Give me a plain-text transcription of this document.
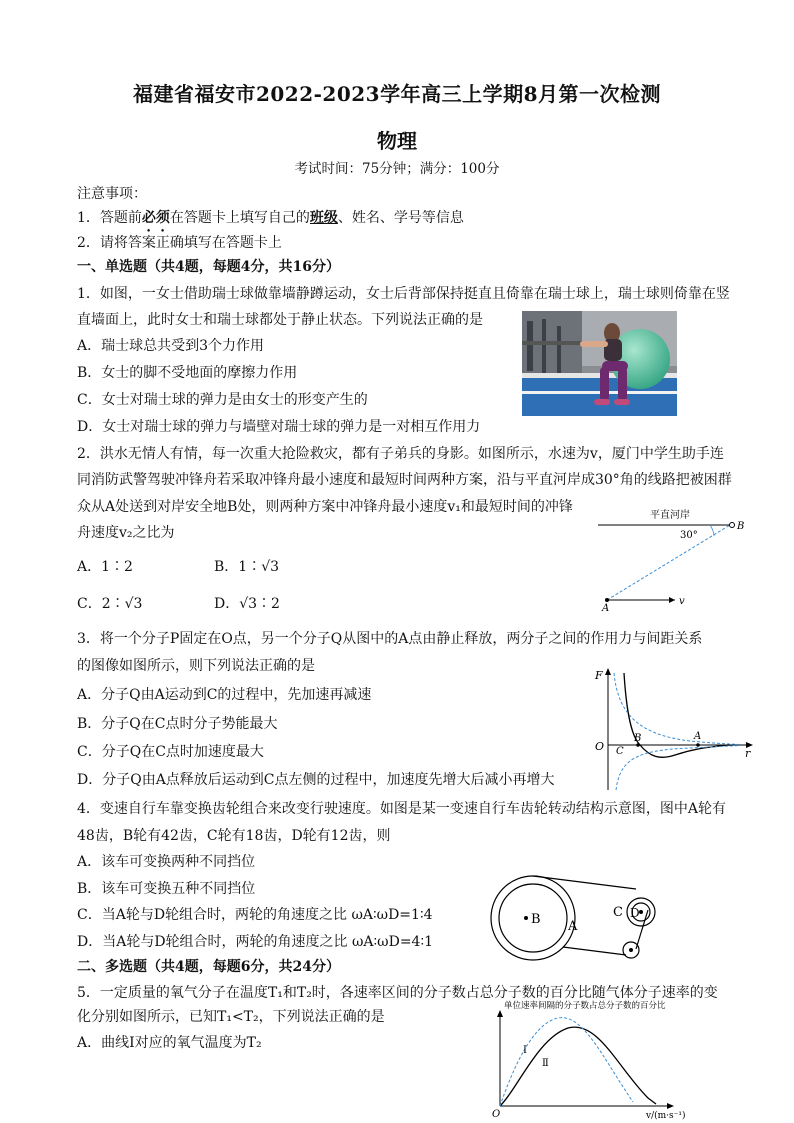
福建省福安市2022-2023学年高三上学期8月第一次检测
物理
考试时间：75分钟；满分：100分
注意事项：
1．答题前必须在答题卡上填写自己的班级、姓名、学号等信息
2．请将答案正确填写在答题卡上
一、单选题（共4题，每题4分，共16分）
1．如图，一女士借助瑞士球做靠墙静蹲运动，女士后背部保持挺直且倚靠在瑞士球上，瑞士球则倚靠在竖
直墙面上，此时女士和瑞士球都处于静止状态。下列说法正确的是
A．瑞士球总共受到3个力作用
B．女士的脚不受地面的摩擦力作用
C．女士对瑞士球的弹力是由女士的形变产生的
D．女士对瑞士球的弹力与墙壁对瑞士球的弹力是一对相互作用力
2．洪水无情人有情，每一次重大抢险救灾，都有子弟兵的身影。如图所示，水速为v，厦门中学生助手连
同消防武警驾驶冲锋舟若采取冲锋舟最小速度和最短时间两种方案，沿与平直河岸成30°角的线路把被困群
众从A处送到对岸安全地B处，则两种方案中冲锋舟最小速度v₁和最短时间的冲锋
舟速度v₂之比为
A．1∶2	B．1∶√3
C．2∶√3	D．√3∶2
平直河岸
B
30°
A
v
3．将一个分子P固定在O点，另一个分子Q从图中的A点由静止释放，两分子之间的作用力与间距关系
的图像如图所示，则下列说法正确的是
A．分子Q由A运动到C的过程中，先加速再减速
B．分子Q在C点时分子势能最大
C．分子Q在C点时加速度最大
D．分子Q由A点释放后运动到C点左侧的过程中，加速度先增大后减小再增大
F
r
O
B
C
A
4．变速自行车靠变换齿轮组合来改变行驶速度。如图是某一变速自行车齿轮转动结构示意图，图中A轮有
48齿，B轮有42齿，C轮有18齿，D轮有12齿，则
A．该车可变换两种不同挡位
B．该车可变换五种不同挡位
C．当A轮与D轮组合时，两轮的角速度之比 ωA∶ωD=1∶4
D．当A轮与D轮组合时，两轮的角速度之比 ωA∶ωD=4∶1
B A
C D
二、多选题（共4题，每题6分，共24分）
5．一定质量的氧气分子在温度T₁和T₂时，各速率区间的分子数占总分子数的百分比随气体分子速率的变
化分别如图所示，已知T₁<T₂，下列说法正确的是
A．曲线Ⅰ对应的氧气温度为T₂
单位速率间隔的分子数占总分子数的百分比
O	v/(m·s⁻¹)
Ⅰ
Ⅱ
